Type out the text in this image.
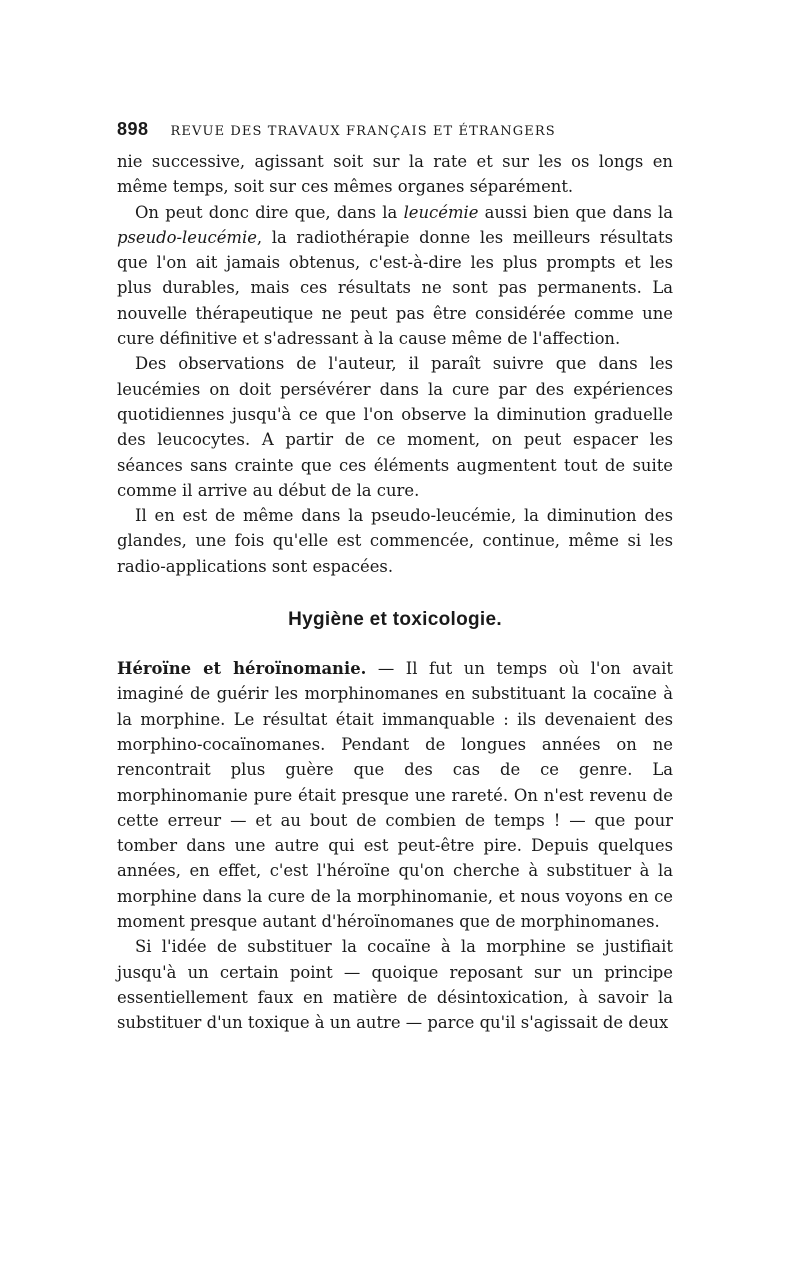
898 REVUE DES TRAVAUX FRANÇAIS ET ÉTRANGERS

nie successive, agissant soit sur la rate et sur les os longs en même temps, soit sur ces mêmes organes séparément.

On peut donc dire que, dans la leucémie aussi bien que dans la pseudo-leucémie, la radiothérapie donne les meilleurs résultats que l'on ait jamais obtenus, c'est-à-dire les plus prompts et les plus durables, mais ces résultats ne sont pas permanents. La nouvelle thérapeutique ne peut pas être considérée comme une cure définitive et s'adressant à la cause même de l'affection.

Des observations de l'auteur, il paraît suivre que dans les leucémies on doit persévérer dans la cure par des expériences quotidiennes jusqu'à ce que l'on observe la diminution graduelle des leucocytes. A partir de ce moment, on peut espacer les séances sans crainte que ces éléments augmentent tout de suite comme il arrive au début de la cure.

Il en est de même dans la pseudo-leucémie, la diminution des glandes, une fois qu'elle est commencée, continue, même si les radio-applications sont espacées.

Hygiène et toxicologie.

Héroïne et héroïnomanie. — Il fut un temps où l'on avait imaginé de guérir les morphinomanes en substituant la cocaïne à la morphine. Le résultat était immanquable : ils devenaient des morphino-cocaïnomanes. Pendant de longues années on ne rencontrait plus guère que des cas de ce genre. La morphinomanie pure était presque une rareté. On n'est revenu de cette erreur — et au bout de combien de temps ! — que pour tomber dans une autre qui est peut-être pire. Depuis quelques années, en effet, c'est l'héroïne qu'on cherche à substituer à la morphine dans la cure de la morphinomanie, et nous voyons en ce moment presque autant d'héroïnomanes que de morphinomanes.

Si l'idée de substituer la cocaïne à la morphine se justifiait jusqu'à un certain point — quoique reposant sur un principe essentiellement faux en matière de désintoxication, à savoir la substituer d'un toxique à un autre — parce qu'il s'agissait de deux
